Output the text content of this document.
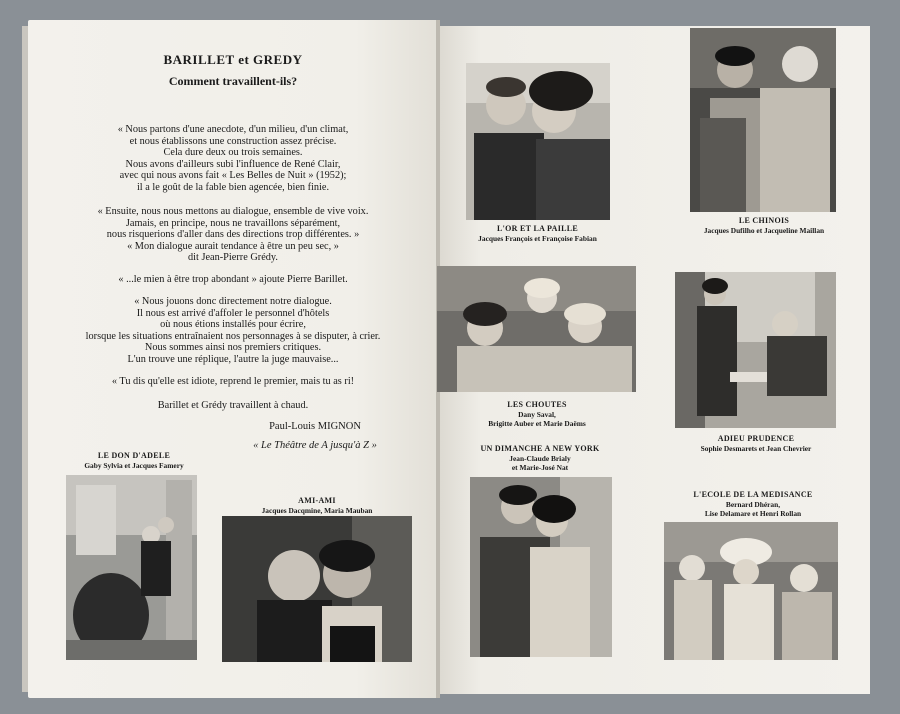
BARILLET et GREDY
Comment travaillent-ils?
« Nous partons d'une anecdote, d'un milieu, d'un climat,
et nous établissons une construction assez précise.
Cela dure deux ou trois semaines.
Nous avons d'ailleurs subi l'influence de René Clair,
avec qui nous avons fait « Les Belles de Nuit » (1952);
il a le goût de la fable bien agencée, bien finie.
« Ensuite, nous nous mettons au dialogue, ensemble de vive voix.
Jamais, en principe, nous ne travaillons séparément,
nous risquerions d'aller dans des directions trop différentes. »
« Mon dialogue aurait tendance à être un peu sec, »
dit Jean-Pierre Grédy.
« ...le mien à être trop abondant » ajoute Pierre Barillet.
« Nous jouons donc directement notre dialogue.
Il nous est arrivé d'affoler le personnel d'hôtels
où nous étions installés pour écrire,
lorsque les situations entraînaient nos personnages à se disputer, à crier.
Nous sommes ainsi nos premiers critiques.
L'un trouve une réplique, l'autre la juge mauvaise...
« Tu dis qu'elle est idiote, reprend le premier, mais tu as ri!
Barillet et Grédy travaillent à chaud.
Paul-Louis MIGNON
« Le Théâtre de A jusqu'à Z »
LE DON D'ADELE
Gaby Sylvia et Jacques Famery
AMI-AMI
Jacques Dacqmine, Maria Mauban
L'OR ET LA PAILLE
Jacques François et Françoise Fabian
LE CHINOIS
Jacques Dufilho et Jacqueline Maillan
LES CHOUTES
Dany Saval,
Brigitte Auber et Marie Daëms
ADIEU PRUDENCE
Sophie Desmarets et Jean Chevrier
UN DIMANCHE A NEW YORK
Jean-Claude Brialy
et Marie-José Nat
L'ECOLE DE LA MEDISANCE
Bernard Dhéran,
Lise Delamare et Henri Rollan
